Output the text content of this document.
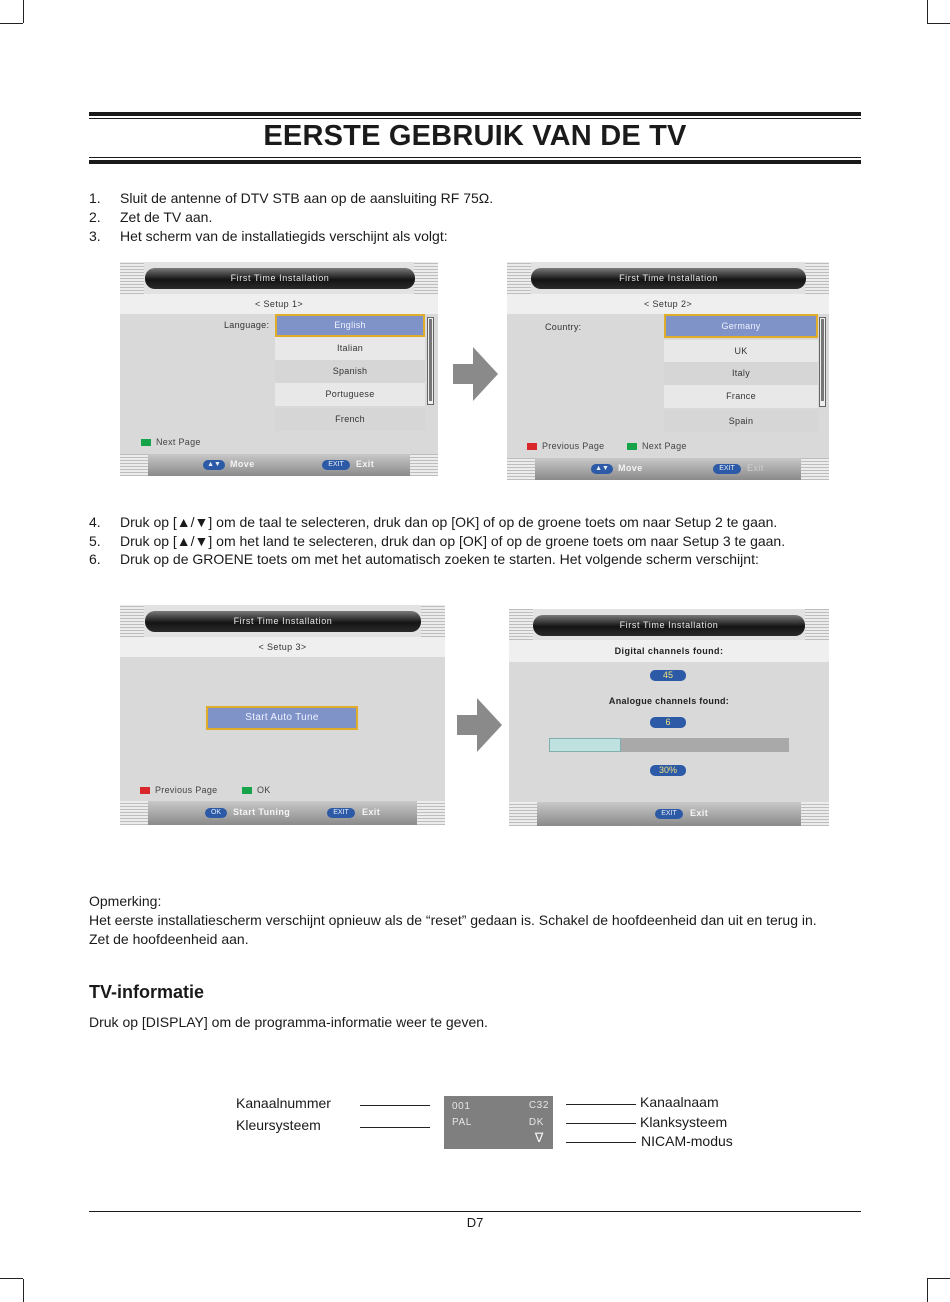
EERSTE GEBRUIK VAN DE TV
1.	Sluit de antenne of DTV STB aan op de aansluiting RF 75Ω.
2.	Zet de TV aan.
3.	Het scherm van de installatiegids verschijnt als volgt:
First Time Installation
< Setup 1>
Language:	English
Italian
Spanish
Portuguese
French
Next Page
▲▼	Move	EXIT	Exit
First Time Installation
< Setup 2>
Country:	Germany
UK
Italy
France
Spain
Previous Page	Next Page
▲▼	Move	EXIT	Exit
4.	Druk op [▲/▼] om de taal te selecteren, druk dan op [OK] of op de groene toets om naar Setup 2 te gaan.
5.	Druk op [▲/▼] om het land te selecteren, druk dan op [OK] of op de groene toets om naar Setup 3 te gaan.
6.	Druk op de GROENE toets om met het automatisch zoeken te starten. Het volgende scherm verschijnt:
First Time Installation
< Setup 3>
Start Auto Tune
Previous Page	OK
OK	Start Tuning	EXIT	Exit
First Time Installation
Digital channels found:
45
Analogue channels found:
6
30%
EXIT	Exit
Opmerking:
Het eerste installatiescherm verschijnt opnieuw als de “reset” gedaan is. Schakel de hoofdeenheid dan uit en terug in.
Zet de hoofdeenheid aan.
TV-informatie
Druk op [DISPLAY] om de programma-informatie weer te geven.
Kanaalnummer
Kleursysteem
001	C32
PAL	DK
∇
Kanaalnaam
Klanksysteem
NICAM-modus
D7
